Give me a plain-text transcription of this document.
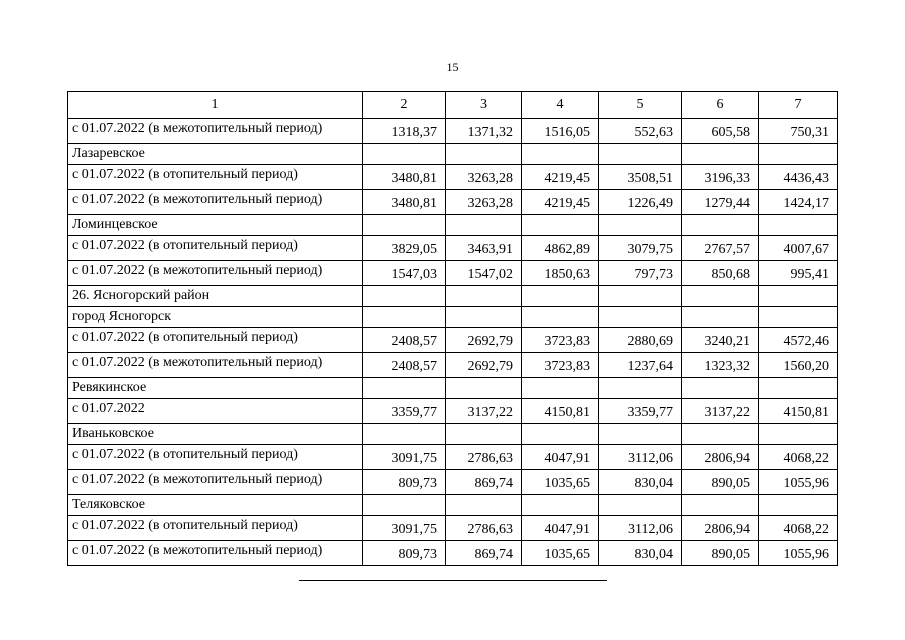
15
1	2	3	4	5	6	7
с 01.07.2022 (в межотопительный период)	1318,37	1371,32	1516,05	552,63	605,58	750,31
Лазаревское						
с 01.07.2022 (в отопительный период)	3480,81	3263,28	4219,45	3508,51	3196,33	4436,43
с 01.07.2022 (в межотопительный период)	3480,81	3263,28	4219,45	1226,49	1279,44	1424,17
Ломинцевское						
с 01.07.2022 (в отопительный период)	3829,05	3463,91	4862,89	3079,75	2767,57	4007,67
с 01.07.2022 (в межотопительный период)	1547,03	1547,02	1850,63	797,73	850,68	995,41
26. Ясногорский район						
город Ясногорск						
с 01.07.2022 (в отопительный период)	2408,57	2692,79	3723,83	2880,69	3240,21	4572,46
с 01.07.2022 (в межотопительный период)	2408,57	2692,79	3723,83	1237,64	1323,32	1560,20
Ревякинское						
с 01.07.2022	3359,77	3137,22	4150,81	3359,77	3137,22	4150,81
Иваньковское						
с 01.07.2022 (в отопительный период)	3091,75	2786,63	4047,91	3112,06	2806,94	4068,22
с 01.07.2022 (в межотопительный период)	809,73	869,74	1035,65	830,04	890,05	1055,96
Теляковское						
с 01.07.2022 (в отопительный период)	3091,75	2786,63	4047,91	3112,06	2806,94	4068,22
с 01.07.2022 (в межотопительный период)	809,73	869,74	1035,65	830,04	890,05	1055,96
